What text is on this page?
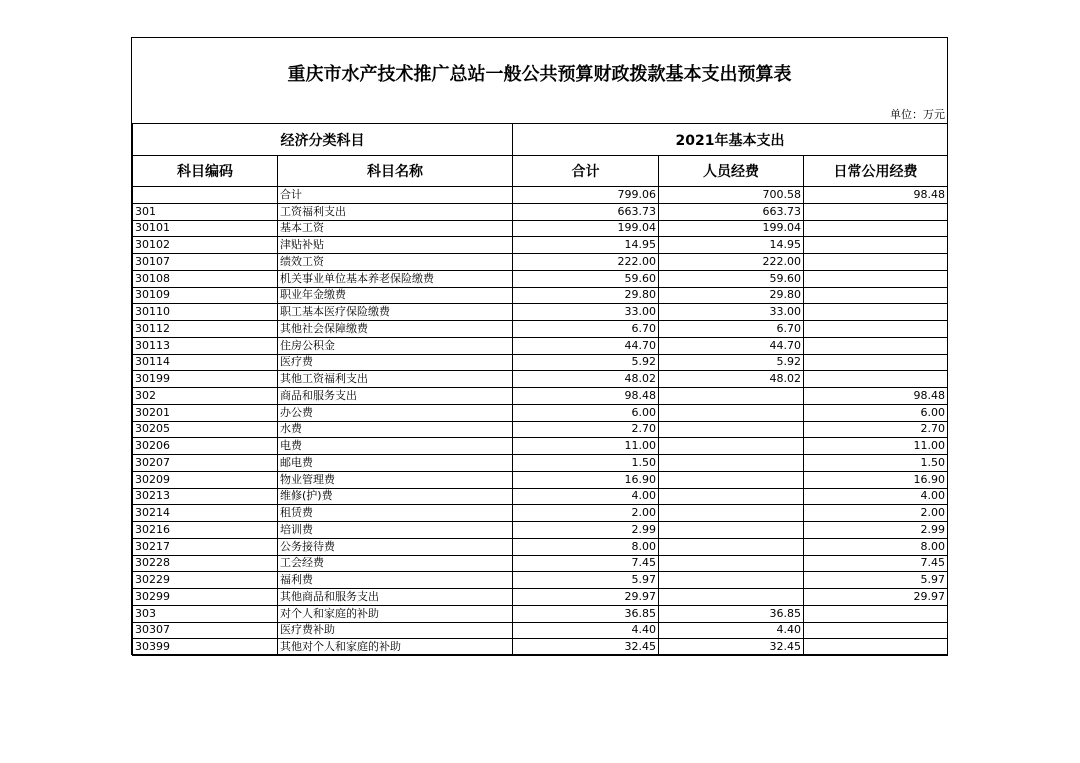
重庆市水产技术推广总站一般公共预算财政拨款基本支出预算表
单位：万元
经济分类科目		2021年基本支出		
科目编码	科目名称	合计	人员经费	日常公用经费
	合计	799.06	700.58	98.48
301	工资福利支出	663.73	663.73	
30101	基本工资	199.04	199.04	
30102	津贴补贴	14.95	14.95	
30107	绩效工资	222.00	222.00	
30108	机关事业单位基本养老保险缴费	59.60	59.60	
30109	职业年金缴费	29.80	29.80	
30110	职工基本医疗保险缴费	33.00	33.00	
30112	其他社会保障缴费	6.70	6.70	
30113	住房公积金	44.70	44.70	
30114	医疗费	5.92	5.92	
30199	其他工资福利支出	48.02	48.02	
302	商品和服务支出	98.48		98.48
30201	办公费	6.00		6.00
30205	水费	2.70		2.70
30206	电费	11.00		11.00
30207	邮电费	1.50		1.50
30209	物业管理费	16.90		16.90
30213	维修(护)费	4.00		4.00
30214	租赁费	2.00		2.00
30216	培训费	2.99		2.99
30217	公务接待费	8.00		8.00
30228	工会经费	7.45		7.45
30229	福利费	5.97		5.97
30299	其他商品和服务支出	29.97		29.97
303	对个人和家庭的补助	36.85	36.85	
30307	医疗费补助	4.40	4.40	
30399	其他对个人和家庭的补助	32.45	32.45	
